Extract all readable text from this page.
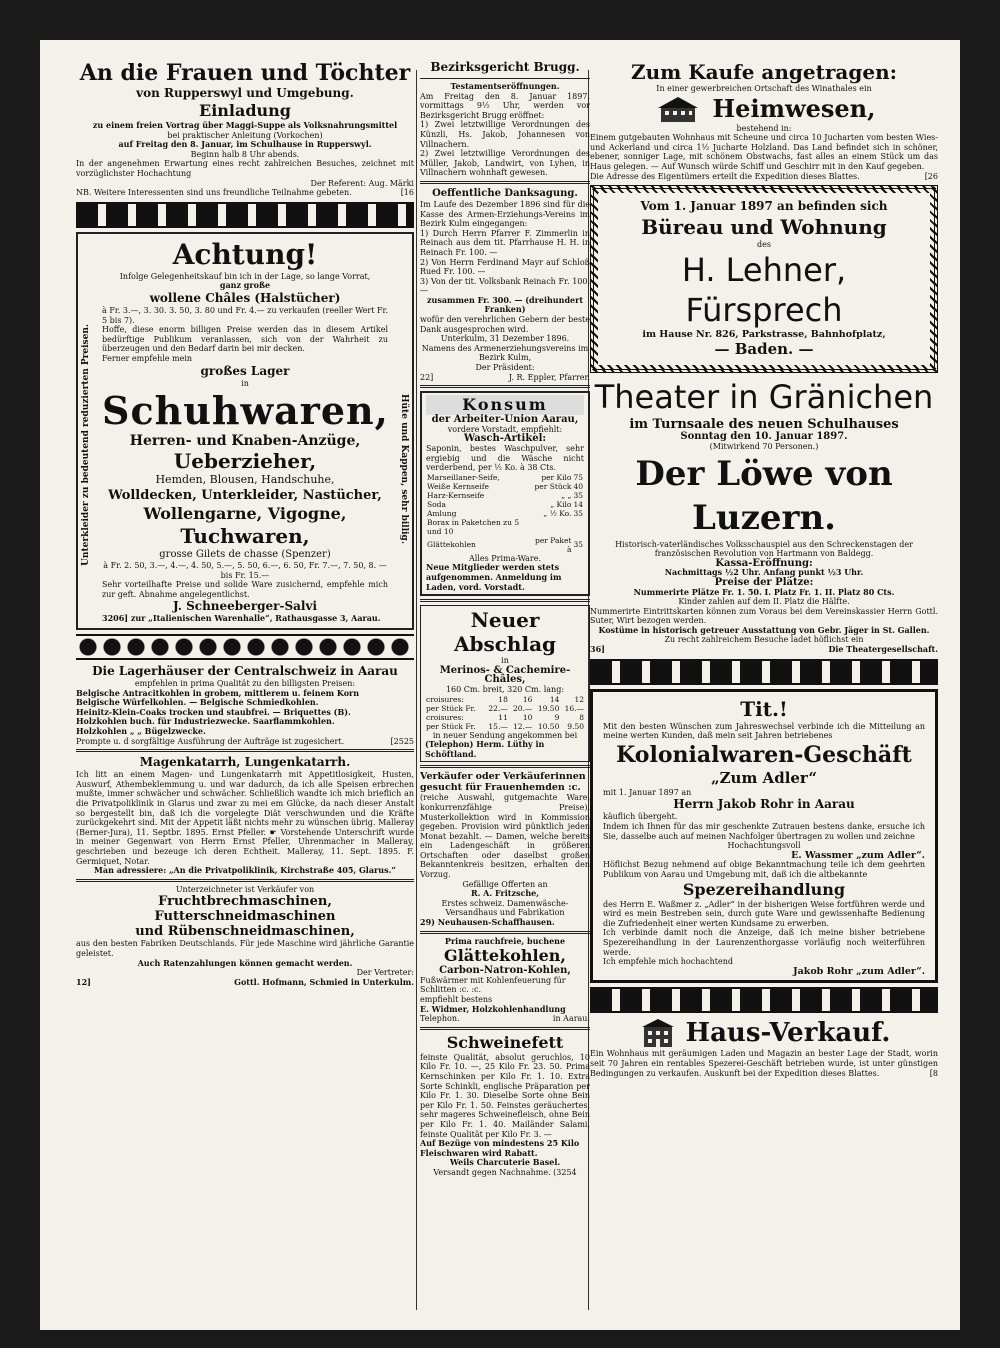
An die Frauen und Töchter

von Rupperswyl und Umgebung.

Einladung

zu einem freien Vortrag über Maggi-Suppe als Volksnahrungsmittel

bei praktischer Anleitung (Vorkochen)

auf Freitag den 8. Januar, im Schulhause in Rupperswyl.

Beginn halb 8 Uhr abends.

In der angenehmen Erwartung eines recht zahlreichen Besuches, zeichnet mit vorzüglichster Hochachtung

Der Referent: Aug. Märki

NB. Weitere Interessenten sind uns freundliche Teilnahme gebeten.	[16

Unterkleider zu bedeutend reduzierten Preisen.	Hüte und Kappen, sehr billig.

Achtung!

Infolge Gelegenheitskauf bin ich in der Lage, so lange Vorrat,

ganz große

wollene Châles (Halstücher)

à Fr. 3.—, 3. 30. 3. 50, 3. 80 und Fr. 4.— zu verkaufen (reeller Wert Fr. 5 bis 7).

Hoffe, diese enorm billigen Preise werden das in diesem Artikel bedürftige Publikum veranlassen, sich von der Wahrheit zu überzeugen und den Bedarf darin bei mir decken.

Ferner empfehle mein

großes Lager

in

Schuhwaren,

Herren- und Knaben-Anzüge,

Ueberzieher,

Hemden, Blousen, Handschuhe,

Wolldecken, Unterkleider, Nastücher,

Wollengarne, Vigogne,

Tuchwaren,

grosse Gilets de chasse (Spenzer)

à Fr. 2. 50, 3.—, 4.—, 4. 50, 5.—, 5. 50, 6.—, 6. 50, Fr. 7.—, 7. 50, 8. — bis Fr. 15.—

Sehr vorteilhafte Preise und solide Ware zusichernd, empfehle mich zur geft. Abnahme angelegentlichst.

J. Schneeberger-Salvi

3206] zur „Italienischen Warenhalle“, Rathausgasse 3, Aarau.

Die Lagerhäuser der Centralschweiz in Aarau

empfehlen in prima Qualität zu den billigsten Preisen:

Belgische Antracitkohlen in grobem, mittlerem u. feinem Korn

Belgische Würfelkohlen. — Belgische Schmiedkohlen.

Heinitz-Klein-Coaks trocken und staubfrei. — Briquettes (B).

Holzkohlen buch. für Industriezwecke. Saarflammkohlen.

Holzkohlen „ „ Bügelzwecke.

Prompte u. d sorgfältige Ausführung der Aufträge ist zugesichert.	[2525

Magenkatarrh, Lungenkatarrh.

Ich litt an einem Magen- und Lungenkatarrh mit Appetitlosigkeit, Husten, Auswurf, Athembeklemmung u. und war dadurch, da ich alle Speisen erbrechen mußte, immer schwächer und schwächer. Schließlich wandte ich mich brieflich an die Privatpoliklinik in Glarus und zwar zu mei em Glücke, da nach dieser Anstalt so bergestellt bin, daß ich die vorgelegte Diät verschwunden und die Kräfte zurückgekehrt sind. Mit der Appetit läßt nichts mehr zu wünschen übrig. Malleray (Berner-Jura), 11. Septbr. 1895. Ernst Pfeller. ☛ Vorstehende Unterschrift wurde in meiner Gegenwart von Herrn Ernst Pfeller, Uhrenmacher in Malleray, geschrieben und bezeuge ich deren Echtheit. Malleray, 11. Sept. 1895. F. Germiquet, Notar.

Man adressiere: „An die Privatpoliklinik, Kirchstraße 405, Glarus.“

Unterzeichneter ist Verkäufer von

Fruchtbrechmaschinen, Futterschneidmaschinen

und Rübenschneidmaschinen,

aus den besten Fabriken Deutschlands. Für jede Maschine wird jährliche Garantie geleistet.

Auch Ratenzahlungen können gemacht werden.

Der Vertreter:

12]	Gottl. Hofmann, Schmied in Unterkulm.

Bezirksgericht Brugg.

Testamentseröffnungen.

Am Freitag den 8. Januar 1897, vormittags 9½ Uhr, werden vor Bezirksgericht Brugg eröffnet:

1) Zwei letztwillige Verordnungen des Künzli, Hs. Jakob, Johannesen von Villnachern.

2) Zwei letztwillige Verordnungen des Müller, Jakob, Landwirt, von Lyhen, in Villnachern wohnhaft gewesen.

Oeffentliche Danksagung.

Im Laufe des Dezember 1896 sind für die Kasse des Armen-Erziehungs-Vereins im Bezirk Kulm eingegangen:

1) Durch Herrn Pfarrer F. Zimmerlin in Reinach aus dem tit. Pfarrhause H. H. in Reinach Fr. 100. —

2) Von Herrn Ferdinand Mayr auf Schloß Rued Fr. 100. —

3) Von der tit. Volksbank Reinach Fr. 100. —

zusammen Fr. 300. — (dreihundert Franken)

wofür den verehrlichen Gebern der beste Dank ausgesprochen wird.

Unterkulm, 31 Dezember 1896.

Namens des Armenerziehungsvereins im Bezirk Kulm,

Der Präsident:

22]	J. R. Eppler, Pfarrer.

Konsum

der Arbeiter-Union Aarau,

vordere Vorstadt, empfiehlt:

Wasch-Artikel:

Saponin, bestes Waschpulver, sehr ergiebig und die Wäsche nicht verderbend, per ½ Ko. à 38 Cts.

Marseillaner-Seife,	per Kilo	75
Weiße Kernseife	per Stück	40
Harz-Kernseife	„ „	35
Soda	„ Kilo	14
Amlung	„ ½ Ko.	35
Borax in Paketchen zu 5 und 10		
Glättekohlen	per Paket à	35

Alles Prima-Ware.

Neue Mitglieder werden stets aufgenommen. Anmeldung im Laden, vord. Vorstadt.

Neuer Abschlag

in

Merinos- & Cachemire-Châles,

160 Cm. breit, 320 Cm. lang:

croisures:	18	16	14	12
per Stück Fr.	22.—	20.—	19.50	16.—
croisures:	11	10	9	8
per Stück Fr.	15.—	12.—	10.50	9.50

in neuer Sendung angekommen bei

(Telephon) Herm. Lüthy in Schöftland.

Verkäufer oder Verkäuferinnen gesucht für Frauenhemden :c.

(reiche Auswahl, gutgemachte Ware, konkurrenzfähige Preise). Musterkollektion wird in Kommission gegeben. Provision wird pünktlich jeden Monat bezahlt. — Damen, welche bereits ein Ladengeschäft in größeren Ortschaften oder daselbst großen Bekanntenkreis besitzen, erhalten den Vorzug.

Gefällige Offerten an

R. A. Fritzsche,

Erstes schweiz. Damenwäsche-Versandhaus und Fabrikation

29) Neuhausen-Schaffhausen.

Prima rauchfreie, buchene

Glättekohlen,

Carbon-Natron-Kohlen,

Fußwärmer mit Kohlenfeuerung für Schlitten :c. :c.

empfiehlt bestens

E. Widmer, Holzkohlenhandlung

Telephon.	in Aarau.

Schweinefett

feinste Qualität, absolut geruchlos, 10 Kilo Fr. 10. —, 25 Kilo Fr. 23. 50. Prima Kernschinken per Kilo Fr. 1. 10. Extra Sorte Schinkli, englische Präparation per Kilo Fr. 1. 30. Dieselbe Sorte ohne Bein per Kilo Fr. 1. 50. Feinstes geräuchertes, sehr mageres Schweinefleisch, ohne Bein per Kilo Fr. 1. 40. Mailänder Salami, feinste Qualität per Kilo Fr. 3. —

Auf Bezüge von mindestens 25 Kilo Fleischwaren wird Rabatt.

Weils Charcuterie Basel.

Versandt gegen Nachnahme. (3254

Zum Kaufe angetragen:

In einer gewerbreichen Ortschaft des Winathales ein

Heimwesen,

bestehend in:

Einem gutgebauten Wohnhaus mit Scheune und circa 10 Jucharten vom besten Wies- und Ackerland und circa 1½ Jucharte Holzland. Das Land befindet sich in schöner, ebener, sonniger Lage, mit schönem Obstwachs, fast alles an einem Stück um das Haus gelegen. — Auf Wunsch würde Schiff und Geschirr mit in den Kauf gegeben.

Die Adresse des Eigentümers erteilt die Expedition dieses Blattes.	[26

Vom 1. Januar 1897 an befinden sich

Büreau und Wohnung

des

H. Lehner, Fürsprech

im Hause Nr. 826, Parkstrasse, Bahnhofplatz,

— Baden. —

Theater in Gränichen

im Turnsaale des neuen Schulhauses

Sonntag den 10. Januar 1897.

(Mitwirkend 70 Personen.)

Der Löwe von Luzern.

Historisch-vaterländisches Volksschauspiel aus den Schreckenstagen der französischen Revolution von Hartmann von Baldegg.

Kassa-Eröffnung:

Nachmittags ½2 Uhr. Anfang punkt ½3 Uhr.

Preise der Plätze:

Nummerirte Plätze Fr. 1. 50. I. Platz Fr. 1. II. Platz 80 Cts.

Kinder zahlen auf dem II. Platz die Hälfte.

Nummerirte Eintrittskarten können zum Voraus bei dem Vereinskassier Herrn Gottl. Suter, Wirt bezogen werden.

Kostüme in historisch getreuer Ausstattung von Gebr. Jäger in St. Gallen.

Zu recht zahlreichem Besuche ladet höflichst ein

36]	Die Theatergesellschaft.

Tit.!

Mit den besten Wünschen zum Jahreswechsel verbinde ich die Mitteilung an meine werten Kunden, daß mein seit Jahren betriebenes

Kolonialwaren-Geschäft

„Zum Adler“

mit 1. Januar 1897 an

Herrn Jakob Rohr in Aarau

käuflich übergeht.

Indem ich Ihnen für das mir geschenkte Zutrauen bestens danke, ersuche ich Sie, dasselbe auch auf meinen Nachfolger übertragen zu wollen und zeichne

Hochachtungsvoll

E. Wassmer „zum Adler“.

Höflichst Bezug nehmend auf obige Bekanntmachung teile ich dem geehrten Publikum von Aarau und Umgebung mit, daß ich die altbekannte

Spezereihandlung

des Herrn E. Waßmer z. „Adler“ in der bisherigen Weise fortführen werde und wird es mein Bestreben sein, durch gute Ware und gewissenhafte Bedienung die Zufriedenheit einer werten Kundsame zu erwerben.

Ich verbinde damit noch die Anzeige, daß ich meine bisher betriebene Spezereihandlung in der Laurenzenthorgasse vorläufig noch weiterführen werde.

Ich empfehle mich hochachtend

Jakob Rohr „zum Adler“.

Haus-Verkauf.

Ein Wohnhaus mit geräumigen Laden und Magazin an bester Lage der Stadt, worin seit 70 Jahren ein rentables Spezerei-Geschäft betrieben wurde, ist unter günstigen Bedingungen zu verkaufen. Auskunft bei der Expedition dieses Blattes.	[8
